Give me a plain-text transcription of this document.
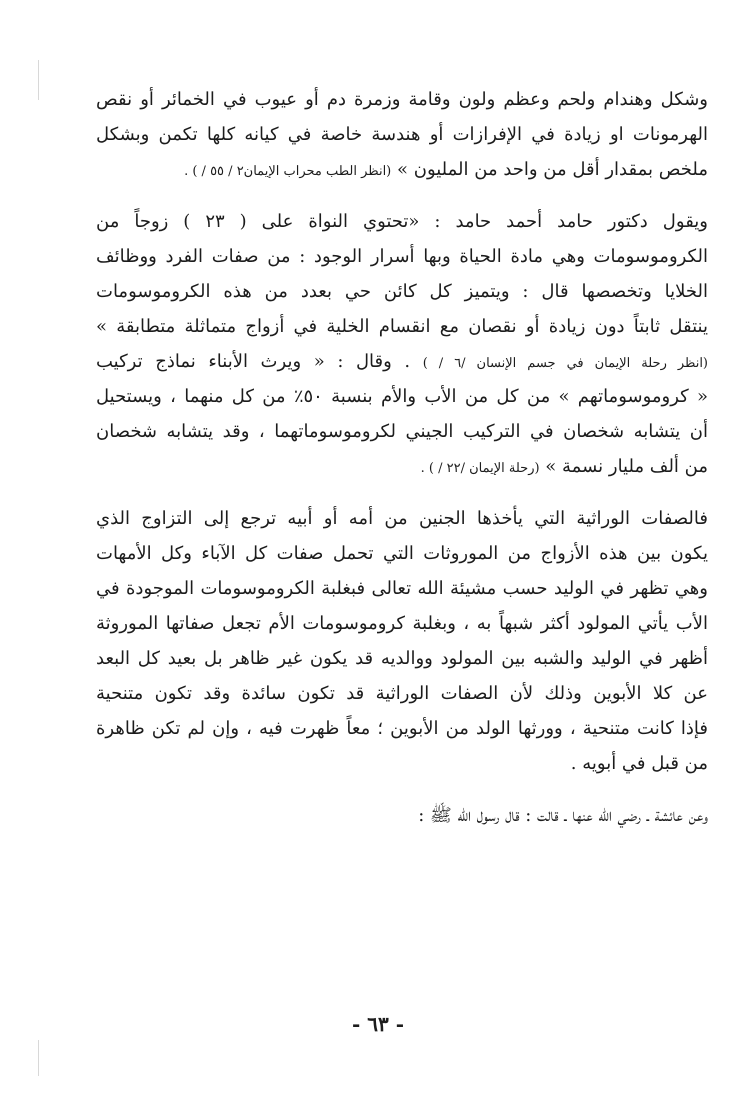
وشكل وهندام ولحم وعظم ولون وقامة وزمرة دم أو عيوب في الخمائر أو نقص
الهرمونات او زيادة في الإفرازات أو هندسة خاصة في كيانه كلها تكمن وبشكل
ملخص بمقدار أقل من واحد من المليون » (انظر الطب محراب الإيمان٢ / ٥٥ / ) .
ويقول دكتور حامد أحمد حامد : «تحتوي النواة على ( ٢٣ ) زوجاً من
الكروموسومات وهي مادة الحياة وبها أسرار الوجود : من صفات الفرد ووظائف
الخلايا وتخصصها قال : ويتميز كل كائن حي بعدد من هذه الكروموسومات
ينتقل ثابتاً دون زيادة أو نقصان مع انقسام الخلية في أزواج متماثلة متطابقة »
(انظر رحلة الإيمان في جسم الإنسان /٦ / ) . وقال : « ويرث الأبناء نماذج تركيب
« كروموسوماتهم » من كل من الأب والأم بنسبة ٥٠٪ من كل منهما ، ويستحيل
أن يتشابه شخصان في التركيب الجيني لكروموسوماتهما ، وقد يتشابه شخصان
من ألف مليار نسمة » (رحلة الإيمان /٢٢ / ) .
فالصفات الوراثية التي يأخذها الجنين من أمه أو أبيه ترجع إلى التزاوج الذي
يكون بين هذه الأزواج من الموروثات التي تحمل صفات كل الآباء وكل الأمهات
وهي تظهر في الوليد حسب مشيئة الله تعالى فبغلبة الكروموسومات الموجودة في
الأب يأتي المولود أكثر شبهاً به ، وبغلبة كروموسومات الأم تجعل صفاتها الموروثة
أظهر في الوليد والشبه بين المولود ووالديه قد يكون غير ظاهر بل بعيد كل البعد
عن كلا الأبوين وذلك لأن الصفات الوراثية قد تكون سائدة وقد تكون متنحية
فإذا كانت متنحية ، وورثها الولد من الأبوين ؛ معاً ظهرت فيه ، وإن لم تكن ظاهرة
من قبل في أبويه .
وعن عائشة ـ رضي الله عنها ـ قالت : قال رسول الله ﷺ :
- ٦٣ -
